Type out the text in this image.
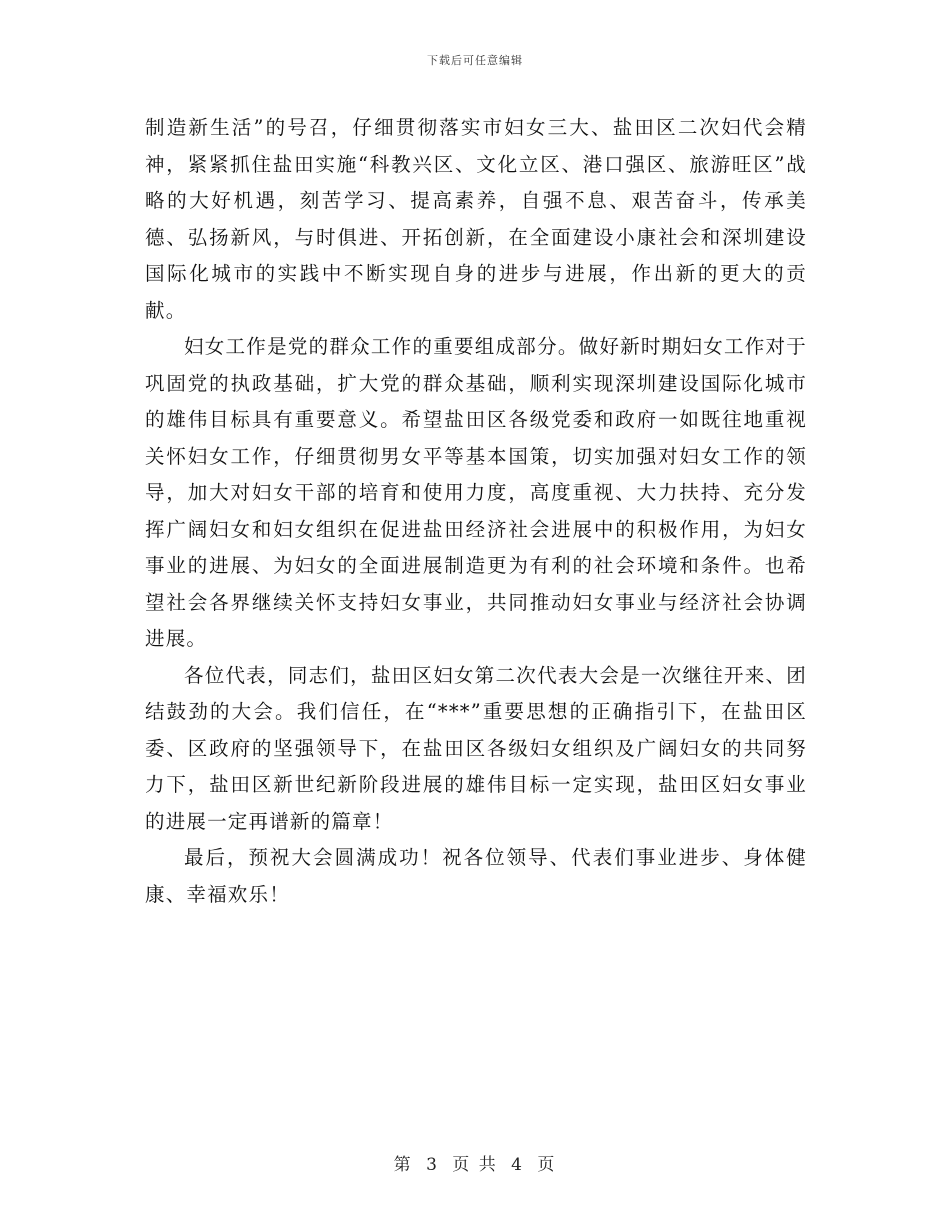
下载后可任意编辑

制造新生活”的号召，仔细贯彻落实市妇女三大、盐田区二次妇代会精神，紧紧抓住盐田实施“科教兴区、文化立区、港口强区、旅游旺区”战略的大好机遇，刻苦学习、提高素养，自强不息、艰苦奋斗，传承美德、弘扬新风，与时俱进、开拓创新，在全面建设小康社会和深圳建设国际化城市的实践中不断实现自身的进步与进展，作出新的更大的贡献。

妇女工作是党的群众工作的重要组成部分。做好新时期妇女工作对于巩固党的执政基础，扩大党的群众基础，顺利实现深圳建设国际化城市的雄伟目标具有重要意义。希望盐田区各级党委和政府一如既往地重视关怀妇女工作，仔细贯彻男女平等基本国策，切实加强对妇女工作的领导，加大对妇女干部的培育和使用力度，高度重视、大力扶持、充分发挥广阔妇女和妇女组织在促进盐田经济社会进展中的积极作用，为妇女事业的进展、为妇女的全面进展制造更为有利的社会环境和条件。也希望社会各界继续关怀支持妇女事业，共同推动妇女事业与经济社会协调进展。

各位代表，同志们，盐田区妇女第二次代表大会是一次继往开来、团结鼓劲的大会。我们信任，在“***”重要思想的正确指引下，在盐田区委、区政府的坚强领导下，在盐田区各级妇女组织及广阔妇女的共同努力下，盐田区新世纪新阶段进展的雄伟目标一定实现，盐田区妇女事业的进展一定再谱新的篇章！

最后，预祝大会圆满成功！祝各位领导、代表们事业进步、身体健康、幸福欢乐！

第 3 页 共 4 页
